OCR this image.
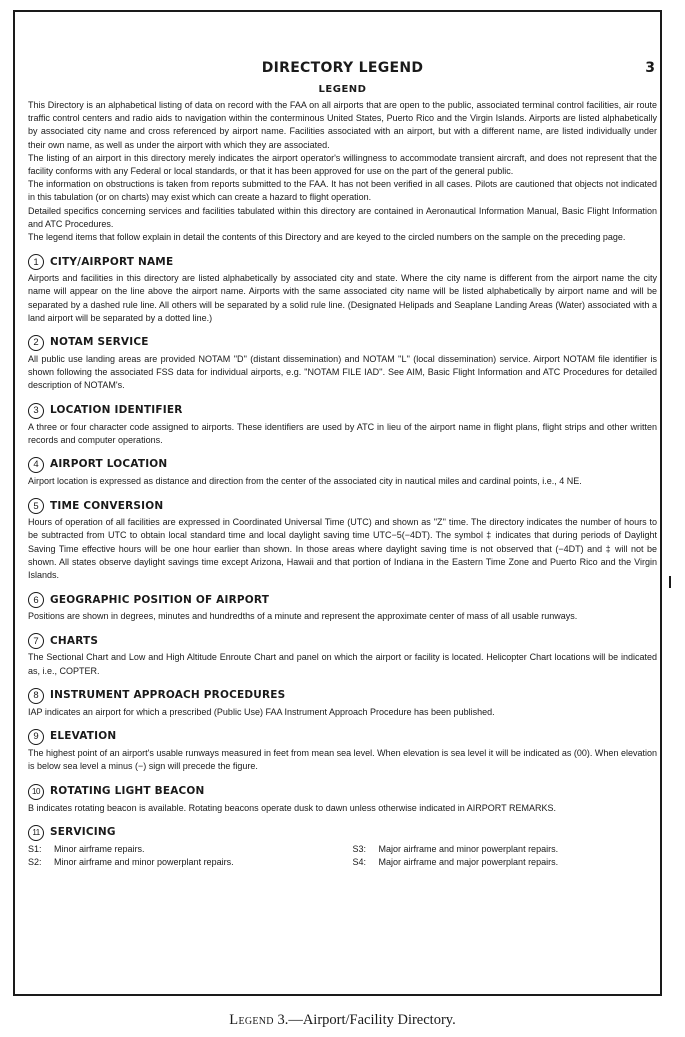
DIRECTORY LEGEND	3
LEGEND

This Directory is an alphabetical listing of data on record with the FAA on all airports that are open to the public, associated terminal control facilities, air route traffic control centers and radio aids to navigation within the conterminous United States, Puerto Rico and the Virgin Islands. Airports are listed alphabetically by associated city name and cross referenced by airport name. Facilities associated with an airport, but with a different name, are listed individually under their own name, as well as under the airport with which they are associated.

The listing of an airport in this directory merely indicates the airport operator's willingness to accommodate transient aircraft, and does not represent that the facility conforms with any Federal or local standards, or that it has been approved for use on the part of the general public.

The information on obstructions is taken from reports submitted to the FAA. It has not been verified in all cases. Pilots are cautioned that objects not indicated in this tabulation (or on charts) may exist which can create a hazard to flight operation.

Detailed specifics concerning services and facilities tabulated within this directory are contained in Aeronautical Information Manual, Basic Flight Information and ATC Procedures.

The legend items that follow explain in detail the contents of this Directory and are keyed to the circled numbers on the sample on the preceding page.

1	CITY/AIRPORT NAME

Airports and facilities in this directory are listed alphabetically by associated city and state. Where the city name is different from the airport name the city name will appear on the line above the airport name. Airports with the same associated city name will be listed alphabetically by airport name and will be separated by a dashed rule line. All others will be separated by a solid rule line. (Designated Helipads and Seaplane Landing Areas (Water) associated with a land airport will be separated by a dotted line.)

2	NOTAM SERVICE

All public use landing areas are provided NOTAM ''D'' (distant dissemination) and NOTAM ''L'' (local dissemination) service. Airport NOTAM file identifier is shown following the associated FSS data for individual airports, e.g. ''NOTAM FILE IAD''. See AIM, Basic Flight Information and ATC Procedures for detailed description of NOTAM's.

3	LOCATION IDENTIFIER

A three or four character code assigned to airports. These identifiers are used by ATC in lieu of the airport name in flight plans, flight strips and other written records and computer operations.

4	AIRPORT LOCATION

Airport location is expressed as distance and direction from the center of the associated city in nautical miles and cardinal points, i.e., 4 NE.

5	TIME CONVERSION

Hours of operation of all facilities are expressed in Coordinated Universal Time (UTC) and shown as ''Z'' time. The directory indicates the number of hours to be subtracted from UTC to obtain local standard time and local daylight saving time UTC−5(−4DT). The symbol ‡ indicates that during periods of Daylight Saving Time effective hours will be one hour earlier than shown. In those areas where daylight saving time is not observed that (−4DT) and ‡ will not be shown. All states observe daylight savings time except Arizona, Hawaii and that portion of Indiana in the Eastern Time Zone and Puerto Rico and the Virgin Islands.

6	GEOGRAPHIC POSITION OF AIRPORT

Positions are shown in degrees, minutes and hundredths of a minute and represent the approximate center of mass of all usable runways.

7	CHARTS

The Sectional Chart and Low and High Altitude Enroute Chart and panel on which the airport or facility is located. Helicopter Chart locations will be indicated as, i.e., COPTER.

8	INSTRUMENT APPROACH PROCEDURES

IAP indicates an airport for which a prescribed (Public Use) FAA Instrument Approach Procedure has been published.

9	ELEVATION

The highest point of an airport's usable runways measured in feet from mean sea level. When elevation is sea level it will be indicated as (00). When elevation is below sea level a minus (−) sign will precede the figure.

10 ROTATING LIGHT BEACON

B indicates rotating beacon is available. Rotating beacons operate dusk to dawn unless otherwise indicated in AIRPORT REMARKS.

11 SERVICING
S1:	Minor airframe repairs.	S3:	Major airframe and minor powerplant repairs.
S2:	Minor airframe and minor powerplant repairs.	S4:	Major airframe and major powerplant repairs.
Legend 3.—Airport/Facility Directory.
